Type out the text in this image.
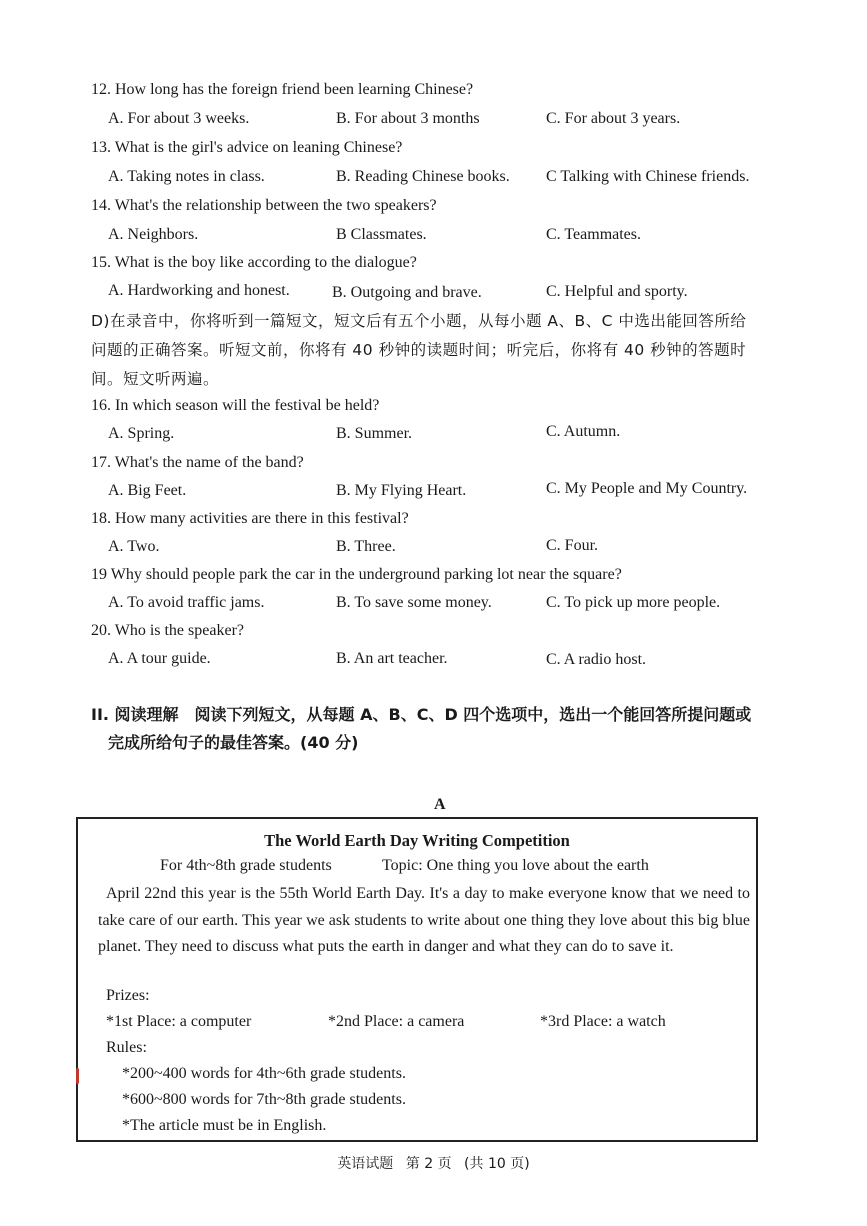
12. How long has the foreign friend been learning Chinese?
A. For about 3 weeks.	B. For about 3 months	C. For about 3 years.
13. What is the girl's advice on leaning Chinese?
A. Taking notes in class.	B. Reading Chinese books. C Talking with Chinese friends.
14. What's the relationship between the two speakers?
A. Neighbors.	B Classmates.	C. Teammates.
15. What is the boy like according to the dialogue?
A. Hardworking and honest.	B. Outgoing and brave.	C. Helpful and sporty.
D)在录音中，你将听到一篇短文，短文后有五个小题，从每小题 A、B、C 中选出能回答所给
问题的正确答案。听短文前，你将有 40 秒钟的读题时间；听完后，你将有 40 秒钟的答题时
间。短文听两遍。
16. In which season will the festival be held?
A. Spring.	B. Summer.	C. Autumn.
17. What's the name of the band?
A. Big Feet.	B. My Flying Heart.	C. My People and My Country.
18. How many activities are there in this festival?
A. Two.	B. Three.	C. Four.
19 Why should people park the car in the underground parking lot near the square?
A. To avoid traffic jams.	B. To save some money.	C. To pick up more people.
20. Who is the speaker?
A. A tour guide.	B. An art teacher.	C. A radio host.
II. 阅读理解　阅读下列短文，从每题 A、B、C、D 四个选项中，选出一个能回答所提问题或
完成所给句子的最佳答案。(40 分)
A
The World Earth Day Writing Competition
For 4th~8th grade students	Topic: One thing you love about the earth

April 22nd this year is the 55th World Earth Day. It's a day to make everyone know that we need to take care of our earth. This year we ask students to write about one thing they love about this big blue planet. They need to discuss what puts the earth in danger and what they can do to save it.

Prizes:
*1st Place: a computer	*2nd Place: a camera	*3rd Place: a watch
Rules:
*200~400 words for 4th~6th grade students.
*600~800 words for 7th~8th grade students.
*The article must be in English.
英语试题 第 2 页 (共 10 页)
